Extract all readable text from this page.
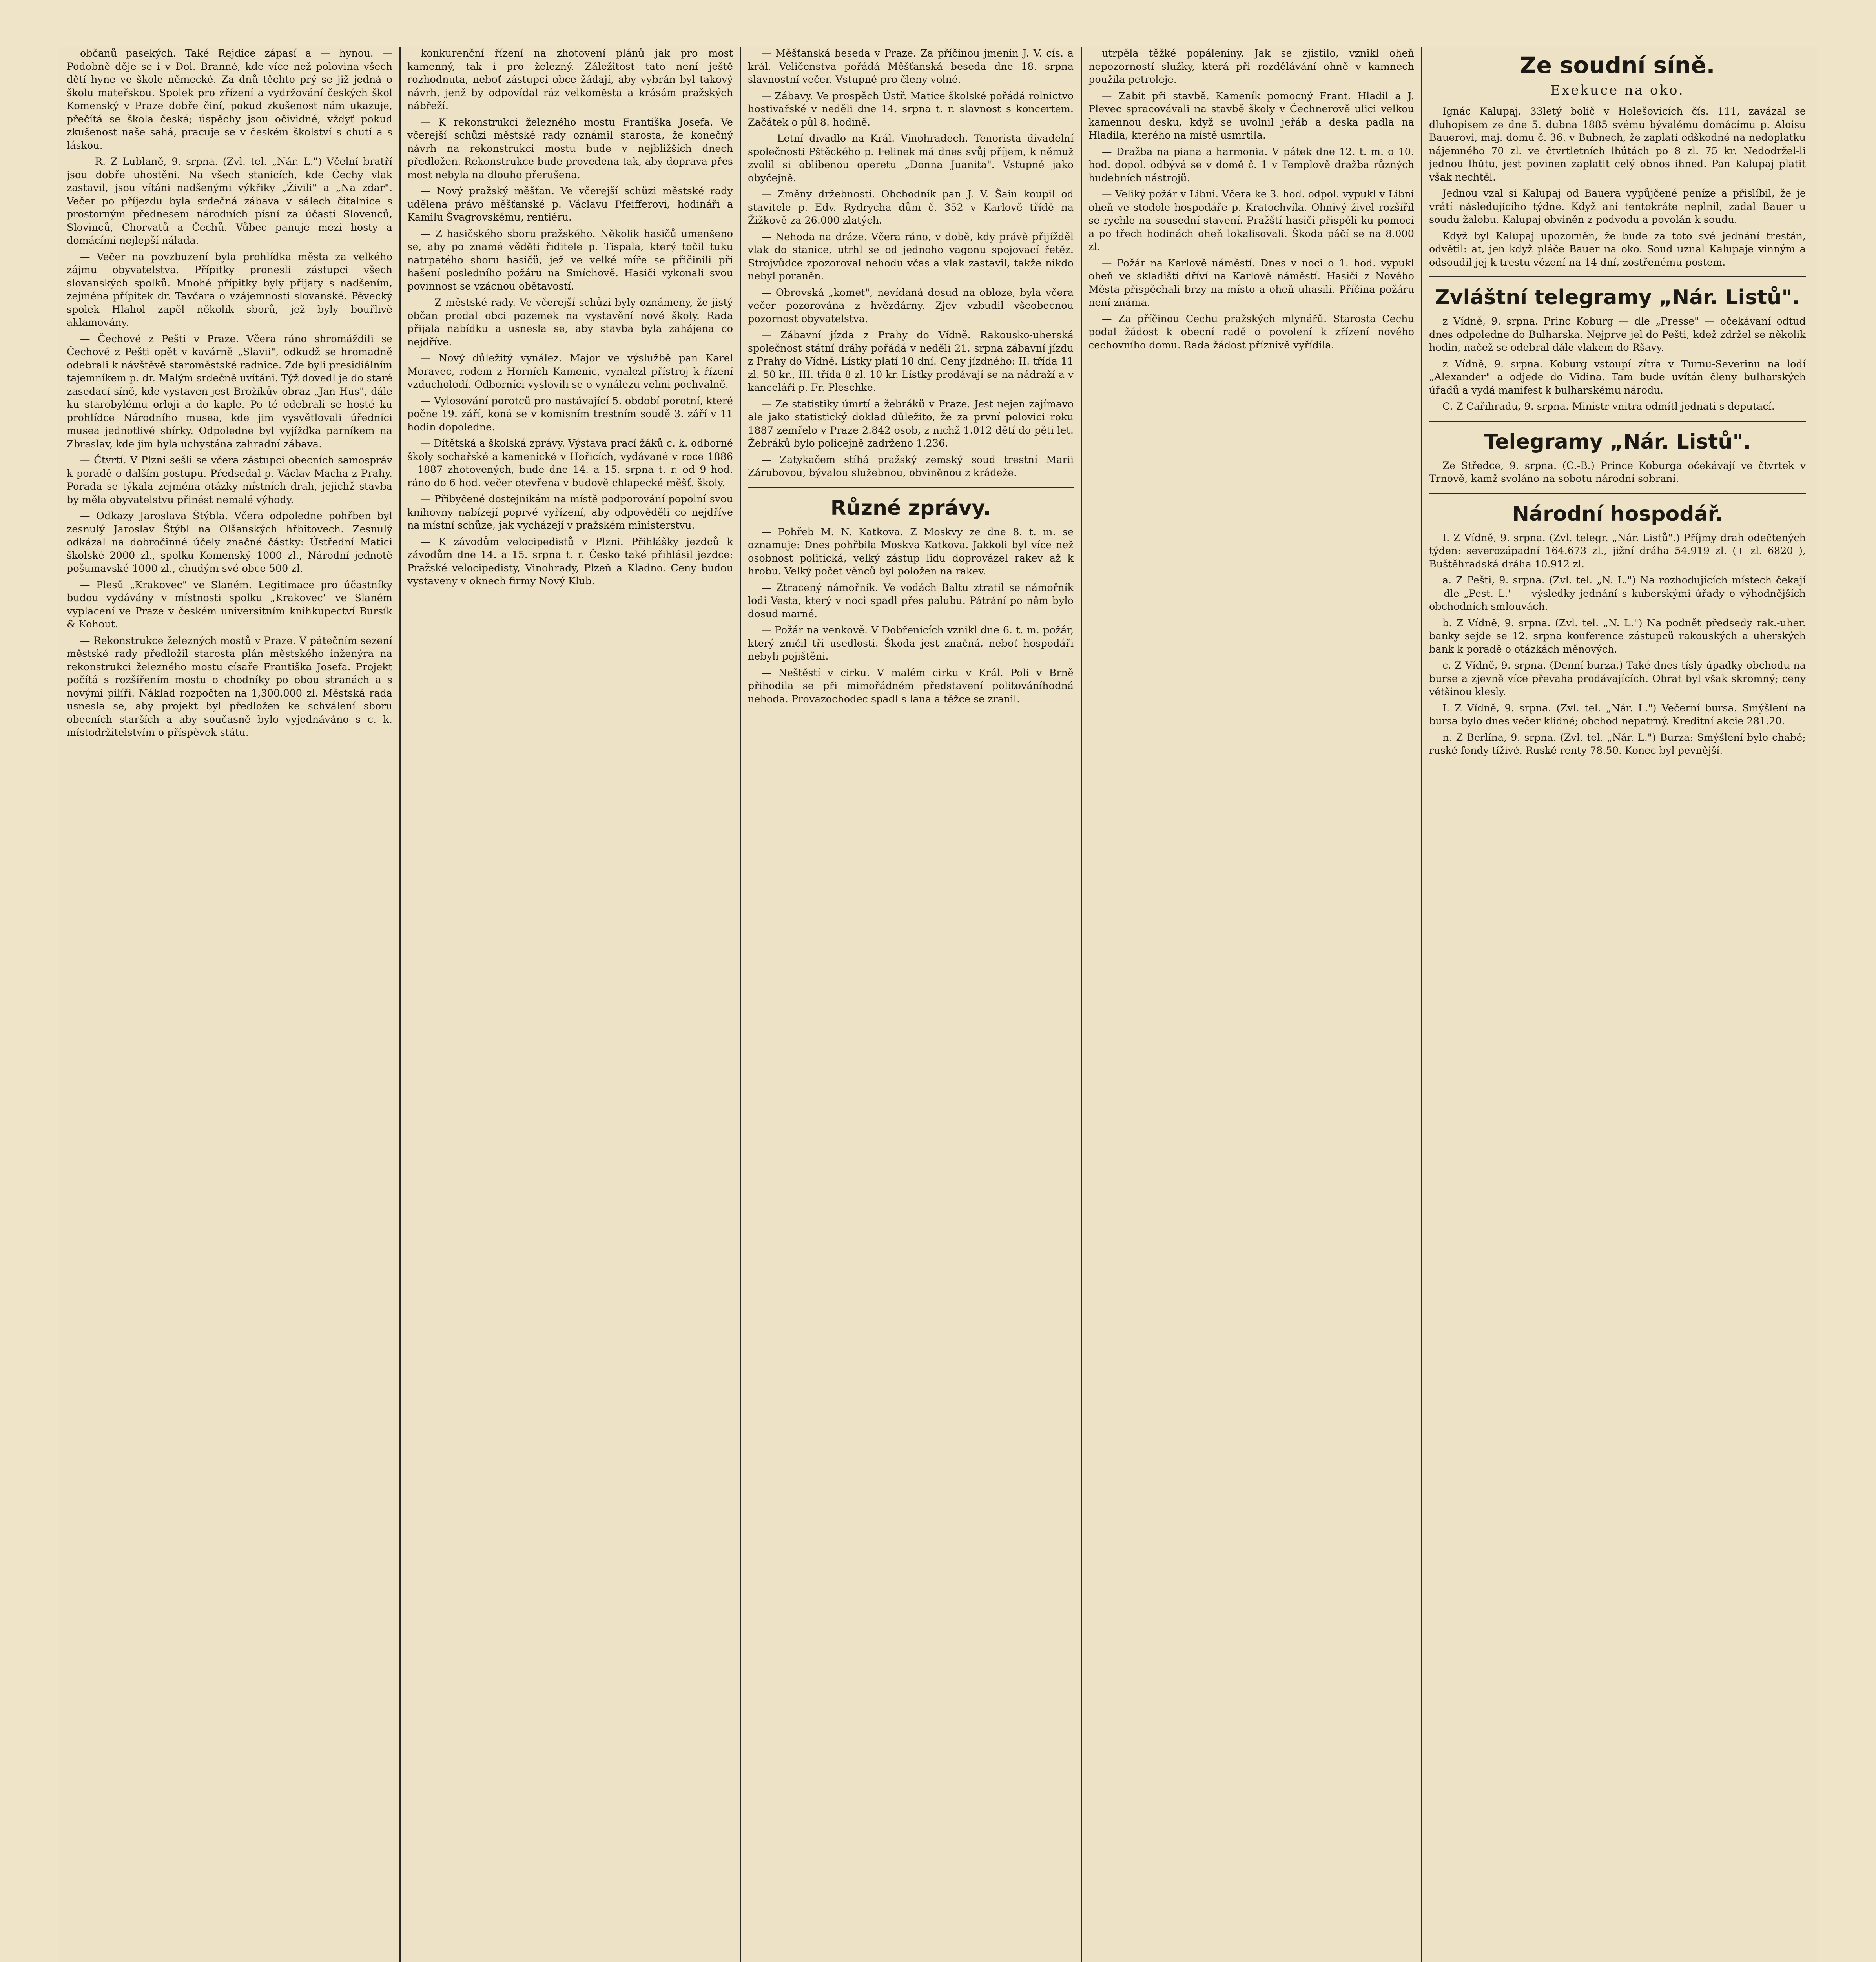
občanů pasekých. Také Rejdice zápasí a — hynou. — Podobně děje se i v Dol. Branné, kde více než polovina všech dětí hyne ve škole německé. Za dnů těchto prý se již jedná o školu mateřskou. Spolek pro zřízení a vydržování českých škol Komenský v Praze dobře činí, pokud zkušenost nám ukazuje, přečítá se škola česká; úspěchy jsou očividné, vždyť pokud zkušenost naše sahá, pracuje se v českém školství s chutí a s láskou.

— R. Z Lublaně, 9. srpna. (Zvl. tel. „Nár. L.") Včelní bratří jsou dobře uhostěni. Na všech stanicích, kde Čechy vlak zastavil, jsou vítáni nadšenými výkřiky „Živili" a „Na zdar". Večer po příjezdu byla srdečná zábava v sálech čitalnice s prostorným přednesem národních písní za účasti Slovenců, Slovinců, Chorvatů a Čechů. Vůbec panuje mezi hosty a domácími nejlepší nálada.

— Večer na povzbuzení byla prohlídka města za velkého zájmu obyvatelstva. Přípitky pronesli zástupci všech slovanských spolků. Mnohé přípitky byly přijaty s nadšením, zejména přípitek dr. Tavčara o vzájemnosti slovanské. Pěvecký spolek Hlahol zapěl několik sborů, jež byly bouřlivě aklamovány.

— Čechové z Pešti v Praze. Včera ráno shromáždili se Čechové z Pešti opět v kavárně „Slavii", odkudž se hromadně odebrali k návštěvě staroměstské radnice. Zde byli presidiálním tajemníkem p. dr. Malým srdečně uvítáni. Týž dovedl je do staré zasedací síně, kde vystaven jest Brožíkův obraz „Jan Hus", dále ku starobylému orloji a do kaple. Po té odebrali se hosté ku prohlídce Národního musea, kde jim vysvětlovali úředníci musea jednotlivé sbírky. Odpoledne byl vyjížďka parníkem na Zbraslav, kde jim byla uchystána zahradní zábava.

— Čtvrtí. V Plzni sešli se včera zástupci obecních samospráv k poradě o dalším postupu. Předsedal p. Václav Macha z Prahy. Porada se týkala zejména otázky místních drah, jejichž stavba by měla obyvatelstvu přinést nemalé výhody.

— Odkazy Jaroslava Štýbla. Včera odpoledne pohřben byl zesnulý Jaroslav Štýbl na Olšanských hřbitovech. Zesnulý odkázal na dobročinné účely značné částky: Ústřední Matici školské 2000 zl., spolku Komenský 1000 zl., Národní jednotě pošumavské 1000 zl., chudým své obce 500 zl.

— Plesů „Krakovec" ve Slaném. Legitimace pro účastníky budou vydávány v místnosti spolku „Krakovec" ve Slaném vyplacení ve Praze v českém universitním knihkupectví Bursík & Kohout.

— Rekonstrukce železných mostů v Praze. V pátečním sezení městské rady předložil starosta plán městského inženýra na rekonstrukci železného mostu císaře Františka Josefa. Projekt počítá s rozšířením mostu o chodníky po obou stranách a s novými pilíři. Náklad rozpočten na 1,300.000 zl. Městská rada usnesla se, aby projekt byl předložen ke schválení sboru obecních starších a aby současně bylo vyjednáváno s c. k. místodržitelstvím o příspěvek státu.

konkurenční řízení na zhotovení plánů jak pro most kamenný, tak i pro železný. Záležitost tato není ještě rozhodnuta, neboť zástupci obce žádají, aby vybrán byl takový návrh, jenž by odpovídal ráz velkoměsta a krásám pražských nábřeží.

— K rekonstrukci železného mostu Františka Josefa. Ve včerejší schůzi městské rady oznámil starosta, že konečný návrh na rekonstrukci mostu bude v nejbližších dnech předložen. Rekonstrukce bude provedena tak, aby doprava přes most nebyla na dlouho přerušena.

— Nový pražský měšťan. Ve včerejší schůzi městské rady udělena právo měšťanské p. Václavu Pfeifferovi, hodináři a Kamilu Švagrovskému, rentiéru.

— Z hasičského sboru pražského. Několik hasičů umenšeno se, aby po znamé věděti řiditele p. Tispala, který točil tuku natrpatého sboru hasičů, jež ve velké míře se přičinili při hašení posledního požáru na Smíchově. Hasiči vykonali svou povinnost se vzácnou obětavostí.

— Z městské rady. Ve včerejší schůzi byly oznámeny, že jistý občan prodal obci pozemek na vystavění nové školy. Rada přijala nabídku a usnesla se, aby stavba byla zahájena co nejdříve.

— Nový důležitý vynález. Major ve výslužbě pan Karel Moravec, rodem z Horních Kamenic, vynalezl přístroj k řízení vzducholodí. Odborníci vyslovili se o vynálezu velmi pochvalně.

— Vylosování porotců pro nastávající 5. období porotní, které počne 19. září, koná se v komisním trestním soudě 3. září v 11 hodin dopoledne.

— Dítětská a školská zprávy. Výstava prací žáků c. k. odborné školy sochařské a kamenické v Hořicích, vydávané v roce 1886—1887 zhotovených, bude dne 14. a 15. srpna t. r. od 9 hod. ráno do 6 hod. večer otevřena v budově chlapecké měšť. školy.

— Přibyčené dostejnikám na místě podporování popolní svou knihovny nabízejí poprvé vyřízení, aby odpověděli co nejdříve na místní schůze, jak vycházejí v pražském ministerstvu.

— K závodům velocipedistů v Plzni. Přihlášky jezdců k závodům dne 14. a 15. srpna t. r. Česko také přihlásil jezdce: Pražské velocipedisty, Vinohrady, Plzeň a Kladno. Ceny budou vystaveny v oknech firmy Nový Klub.

— Měšťanská beseda v Praze. Za příčinou jmenin J. V. cís. a král. Veličenstva pořádá Měšťanská beseda dne 18. srpna slavnostní večer. Vstupné pro členy volné.

— Zábavy. Ve prospěch Ústř. Matice školské pořádá rolnictvo hostivařské v neděli dne 14. srpna t. r. slavnost s koncertem. Začátek o půl 8. hodině.

— Letní divadlo na Král. Vinohradech. Tenorista divadelní společnosti Pštěckého p. Felinek má dnes svůj příjem, k němuž zvolil si oblíbenou operetu „Donna Juanita". Vstupné jako obyčejně.

— Změny držebnosti. Obchodník pan J. V. Šain koupil od stavitele p. Edv. Rydrycha dům č. 352 v Karlově třídě na Žižkově za 26.000 zlatých.

— Nehoda na dráze. Včera ráno, v době, kdy právě přijížděl vlak do stanice, utrhl se od jednoho vagonu spojovací řetěz. Strojvůdce zpozoroval nehodu včas a vlak zastavil, takže nikdo nebyl poraněn.

— Obrovská „komet", nevídaná dosud na obloze, byla včera večer pozorována z hvězdárny. Zjev vzbudil všeobecnou pozornost obyvatelstva.

— Zábavní jízda z Prahy do Vídně. Rakousko-uherská společnost státní dráhy pořádá v neděli 21. srpna zábavní jízdu z Prahy do Vídně. Lístky platí 10 dní. Ceny jízdného: II. třída 11 zl. 50 kr., III. třída 8 zl. 10 kr. Lístky prodávají se na nádraží a v kanceláři p. Fr. Pleschke.

— Ze statistiky úmrtí a žebráků v Praze. Jest nejen zajímavo ale jako statistický doklad důležito, že za první polovici roku 1887 zemřelo v Praze 2.842 osob, z nichž 1.012 dětí do pěti let. Žebráků bylo policejně zadrženo 1.236.

— Zatykačem stíhá pražský zemský soud trestní Marii Zárubovou, bývalou služebnou, obviněnou z krádeže.

Různé zprávy.

— Pohřeb M. N. Katkova. Z Moskvy ze dne 8. t. m. se oznamuje: Dnes pohřbila Moskva Katkova. Jakkoli byl více než osobnost politická, velký zástup lidu doprovázel rakev až k hrobu. Velký počet věnců byl položen na rakev.

— Ztracený námořník. Ve vodách Baltu ztratil se námořník lodi Vesta, který v noci spadl přes palubu. Pátrání po něm bylo dosud marné.

— Požár na venkově. V Dobřenicích vznikl dne 6. t. m. požár, který zničil tři usedlosti. Škoda jest značná, neboť hospodáři nebyli pojištěni.

— Neštěstí v cirku. V malém cirku v Král. Poli v Brně přihodila se při mimořádném představení politováníhodná nehoda. Provazochodec spadl s lana a těžce se zranil.

utrpěla těžké popáleniny. Jak se zjistilo, vznikl oheň nepozorností služky, která při rozdělávání ohně v kamnech použila petroleje.

— Zabit při stavbě. Kameník pomocný Frant. Hladil a J. Plevec spracovávali na stavbě školy v Čechnerově ulici velkou kamennou desku, když se uvolnil jeřáb a deska padla na Hladila, kterého na místě usmrtila.

— Dražba na piana a harmonia. V pátek dne 12. t. m. o 10. hod. dopol. odbývá se v domě č. 1 v Templově dražba různých hudebních nástrojů.

— Veliký požár v Libni. Včera ke 3. hod. odpol. vypukl v Libni oheň ve stodole hospodáře p. Kratochvíla. Ohnivý živel rozšířil se rychle na sousední stavení. Pražští hasiči přispěli ku pomoci a po třech hodinách oheň lokalisovali. Škoda páčí se na 8.000 zl.

— Požár na Karlově náměstí. Dnes v noci o 1. hod. vypukl oheň ve skladišti dříví na Karlově náměstí. Hasiči z Nového Města přispěchali brzy na místo a oheň uhasili. Příčina požáru není známa.

— Za příčinou Cechu pražských mlynářů. Starosta Cechu podal žádost k obecní radě o povolení k zřízení nového cechovního domu. Rada žádost příznivě vyřídila.

Ze soudní síně.
Exekuce na oko.

Ignác Kalupaj, 33letý bolič v Holešovicích čís. 111, zavázal se dluhopisem ze dne 5. dubna 1885 svému bývalému domácímu p. Aloisu Bauerovi, maj. domu č. 36. v Bubnech, že zaplatí odškodné na nedoplatku nájemného 70 zl. ve čtvrtletních lhůtách po 8 zl. 75 kr. Nedodržel-li jednou lhůtu, jest povinen zaplatit celý obnos ihned. Pan Kalupaj platit však nechtěl.

Jednou vzal si Kalupaj od Bauera vypůjčené peníze a přislíbil, že je vrátí následujícího týdne. Když ani tentokráte neplnil, zadal Bauer u soudu žalobu. Kalupaj obviněn z podvodu a povolán k soudu.

Když byl Kalupaj upozorněn, že bude za toto své jednání trestán, odvětil: at, jen když pláče Bauer na oko. Soud uznal Kalupaje vinným a odsoudil jej k trestu vězení na 14 dní, zostřenému postem.

Zvláštní telegramy „Nár. Listů".

z Vídně, 9. srpna. Princ Koburg — dle „Presse" — očekávaní odtud dnes odpoledne do Bulharska. Nejprve jel do Pešti, kdež zdržel se několik hodin, načež se odebral dále vlakem do Ršavy.

z Vídně, 9. srpna. Koburg vstoupí zítra v Turnu-Severinu na lodí „Alexander" a odjede do Vidina. Tam bude uvítán členy bulharských úřadů a vydá manifest k bulharskému národu.

C. Z Cařihradu, 9. srpna. Ministr vnitra odmítl jednati s deputací.

Telegramy „Nár. Listů".

Ze Středce, 9. srpna. (C.-B.) Prince Koburga očekávají ve čtvrtek v Trnově, kamž svoláno na sobotu národní sobraní.

Národní hospodář.

I. Z Vídně, 9. srpna. (Zvl. telegr. „Nár. Listů".) Příjmy drah odečtených týden: severozápadní 164.673 zl., jižní dráha 54.919 zl. (+ zl. 6820 ), Buštěhradská dráha 10.912 zl.

a. Z Pešti, 9. srpna. (Zvl. tel. „N. L.") Na rozhodujících místech čekají — dle „Pest. L." — výsledky jednání s kuberskými úřady o výhodnějších obchodních smlouvách.

b. Z Vídně, 9. srpna. (Zvl. tel. „N. L.") Na podnět předsedy rak.-uher. banky sejde se 12. srpna konference zástupců rakouských a uherských bank k poradě o otázkách měnových.

c. Z Vídně, 9. srpna. (Denní burza.) Také dnes tísly úpadky obchodu na burse a zjevně více převaha prodávajících. Obrat byl však skromný; ceny většinou klesly.

I. Z Vídně, 9. srpna. (Zvl. tel. „Nár. L.") Večerní bursa. Smýšlení na bursa bylo dnes večer klidné; obchod nepatrný. Kreditní akcie 281.20.

n. Z Berlína, 9. srpna. (Zvl. tel. „Nár. L.") Burza: Smýšlení bylo chabé; ruské fondy tíživé. Ruské renty 78.50. Konec byl pevnější.
